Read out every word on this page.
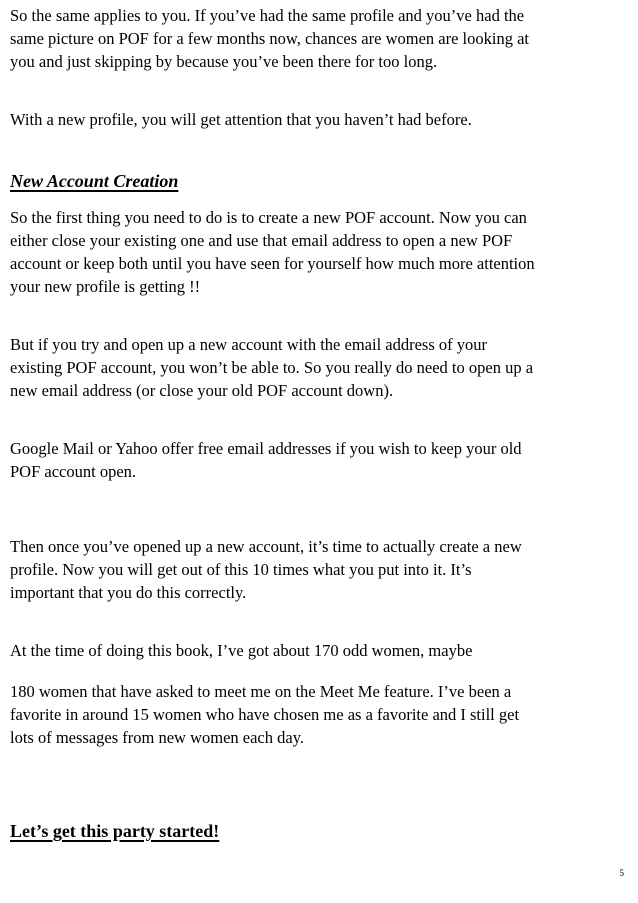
So the same applies to you. If you’ve had the same profile and you’ve had the
same picture on POF for a few months now, chances are women are looking at
you and just skipping by because you’ve been there for too long.

With a new profile, you will get attention that you haven’t had before.

New Account Creation

So the first thing you need to do is to create a new POF account. Now you can
either close your existing one and use that email address to open a new POF
account or keep both until you have seen for yourself how much more attention
your new profile is getting !!

But if you try and open up a new account with the email address of your
existing POF account, you won’t be able to. So you really do need to open up a
new email address (or close your old POF account down).

Google Mail or Yahoo offer free email addresses if you wish to keep your old
POF account open.

Then once you’ve opened up a new account, it’s time to actually create a new
profile. Now you will get out of this 10 times what you put into it. It’s
important that you do this correctly.

At the time of doing this book, I’ve got about 170 odd women, maybe

180 women that have asked to meet me on the Meet Me feature. I’ve been a
favorite in around 15 women who have chosen me as a favorite and I still get
lots of messages from new women each day.

Let’s get this party started!
5
